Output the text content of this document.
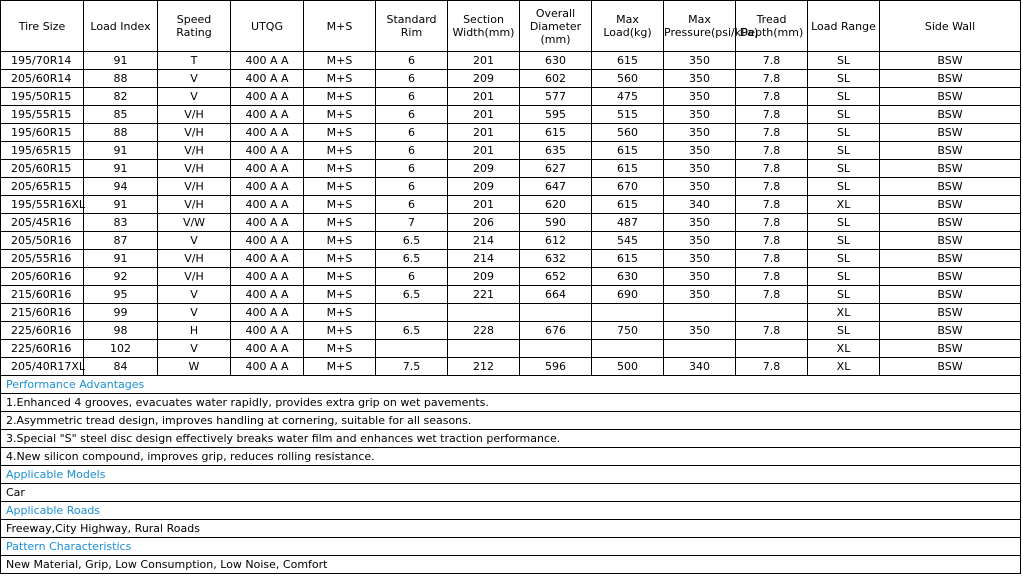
Tire Size	Load Index	Speed Rating	UTQG	M+S	Standard Rim	Section Width(mm)	Overall Diameter (mm)	Max Load(kg)	Max Pressure(psi/kPa)	Tread Depth(mm)	Load Range	Side Wall
195/70R14	91	T	400 A A	M+S	6	201	630	615	350	7.8	SL	BSW
205/60R14	88	V	400 A A	M+S	6	209	602	560	350	7.8	SL	BSW
195/50R15	82	V	400 A A	M+S	6	201	577	475	350	7.8	SL	BSW
195/55R15	85	V/H	400 A A	M+S	6	201	595	515	350	7.8	SL	BSW
195/60R15	88	V/H	400 A A	M+S	6	201	615	560	350	7.8	SL	BSW
195/65R15	91	V/H	400 A A	M+S	6	201	635	615	350	7.8	SL	BSW
205/60R15	91	V/H	400 A A	M+S	6	209	627	615	350	7.8	SL	BSW
205/65R15	94	V/H	400 A A	M+S	6	209	647	670	350	7.8	SL	BSW
195/55R16XL	91	V/H	400 A A	M+S	6	201	620	615	340	7.8	XL	BSW
205/45R16	83	V/W	400 A A	M+S	7	206	590	487	350	7.8	SL	BSW
205/50R16	87	V	400 A A	M+S	6.5	214	612	545	350	7.8	SL	BSW
205/55R16	91	V/H	400 A A	M+S	6.5	214	632	615	350	7.8	SL	BSW
205/60R16	92	V/H	400 A A	M+S	6	209	652	630	350	7.8	SL	BSW
215/60R16	95	V	400 A A	M+S	6.5	221	664	690	350	7.8	SL	BSW
215/60R16	99	V	400 A A	M+S							XL	BSW
225/60R16	98	H	400 A A	M+S	6.5	228	676	750	350	7.8	SL	BSW
225/60R16	102	V	400 A A	M+S							XL	BSW
205/40R17XL	84	W	400 A A	M+S	7.5	212	596	500	340	7.8	XL	BSW
Performance Advantages												
1.Enhanced 4 grooves, evacuates water rapidly, provides extra grip on wet pavements.												
2.Asymmetric tread design, improves handling at cornering, suitable for all seasons.												
3.Special "S" steel disc design effectively breaks water film and enhances wet traction performance.												
4.New silicon compound, improves grip, reduces rolling resistance.												
Applicable Models												
Car												
Applicable Roads												
Freeway,City Highway, Rural Roads												
Pattern Characteristics												
New Material, Grip, Low Consumption, Low Noise, Comfort												
